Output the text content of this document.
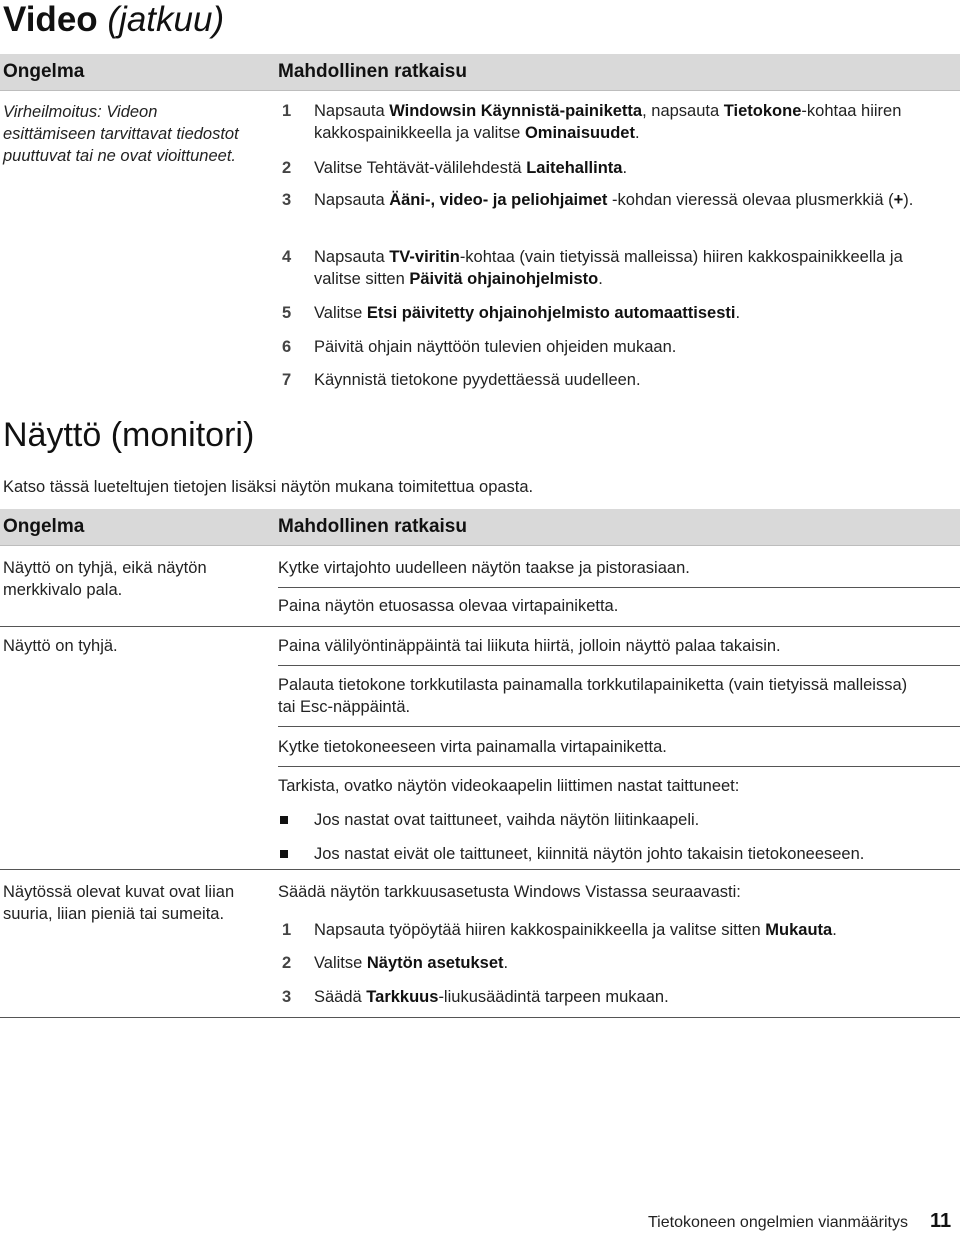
Video (jatkuu)
Ongelma	Mahdollinen ratkaisu
Virheilmoitus: Videon esittämiseen tarvittavat tiedostot puuttuvat tai ne ovat vioittuneet.
1 Napsauta Windowsin Käynnistä-painiketta, napsauta Tietokone-kohtaa hiiren kakkospainikkeella ja valitse Ominaisuudet.
2 Valitse Tehtävät-välilehdestä Laitehallinta.
3 Napsauta Ääni-, video- ja peliohjaimet -kohdan vieressä olevaa plusmerkkiä (+).
4 Napsauta TV-viritin-kohtaa (vain tietyissä malleissa) hiiren kakkospainikkeella ja valitse sitten Päivitä ohjainohjelmisto.
5 Valitse Etsi päivitetty ohjainohjelmisto automaattisesti.
6 Päivitä ohjain näyttöön tulevien ohjeiden mukaan.
7 Käynnistä tietokone pyydettäessä uudelleen.
Näyttö (monitori)
Katso tässä lueteltujen tietojen lisäksi näytön mukana toimitettua opasta.
Ongelma	Mahdollinen ratkaisu
Näyttö on tyhjä, eikä näytön merkkivalo pala.
Näyttö on tyhjä.
Näytössä olevat kuvat ovat liian suuria, liian pieniä tai sumeita.
Kytke virtajohto uudelleen näytön taakse ja pistorasiaan.
Paina näytön etuosassa olevaa virtapainiketta.
Paina välilyöntinäppäintä tai liikuta hiirtä, jolloin näyttö palaa takaisin.
Palauta tietokone torkkutilasta painamalla torkkutilapainiketta (vain tietyissä malleissa) tai Esc-näppäintä.
Kytke tietokoneeseen virta painamalla virtapainiketta.
Tarkista, ovatko näytön videokaapelin liittimen nastat taittuneet:
Jos nastat ovat taittuneet, vaihda näytön liitinkaapeli.
Jos nastat eivät ole taittuneet, kiinnitä näytön johto takaisin tietokoneeseen.
Säädä näytön tarkkuusasetusta Windows Vistassa seuraavasti:
1 Napsauta työpöytää hiiren kakkospainikkeella ja valitse sitten Mukauta.
2 Valitse Näytön asetukset.
3 Säädä Tarkkuus-liukusäädintä tarpeen mukaan.
Tietokoneen ongelmien vianmääritys 11
